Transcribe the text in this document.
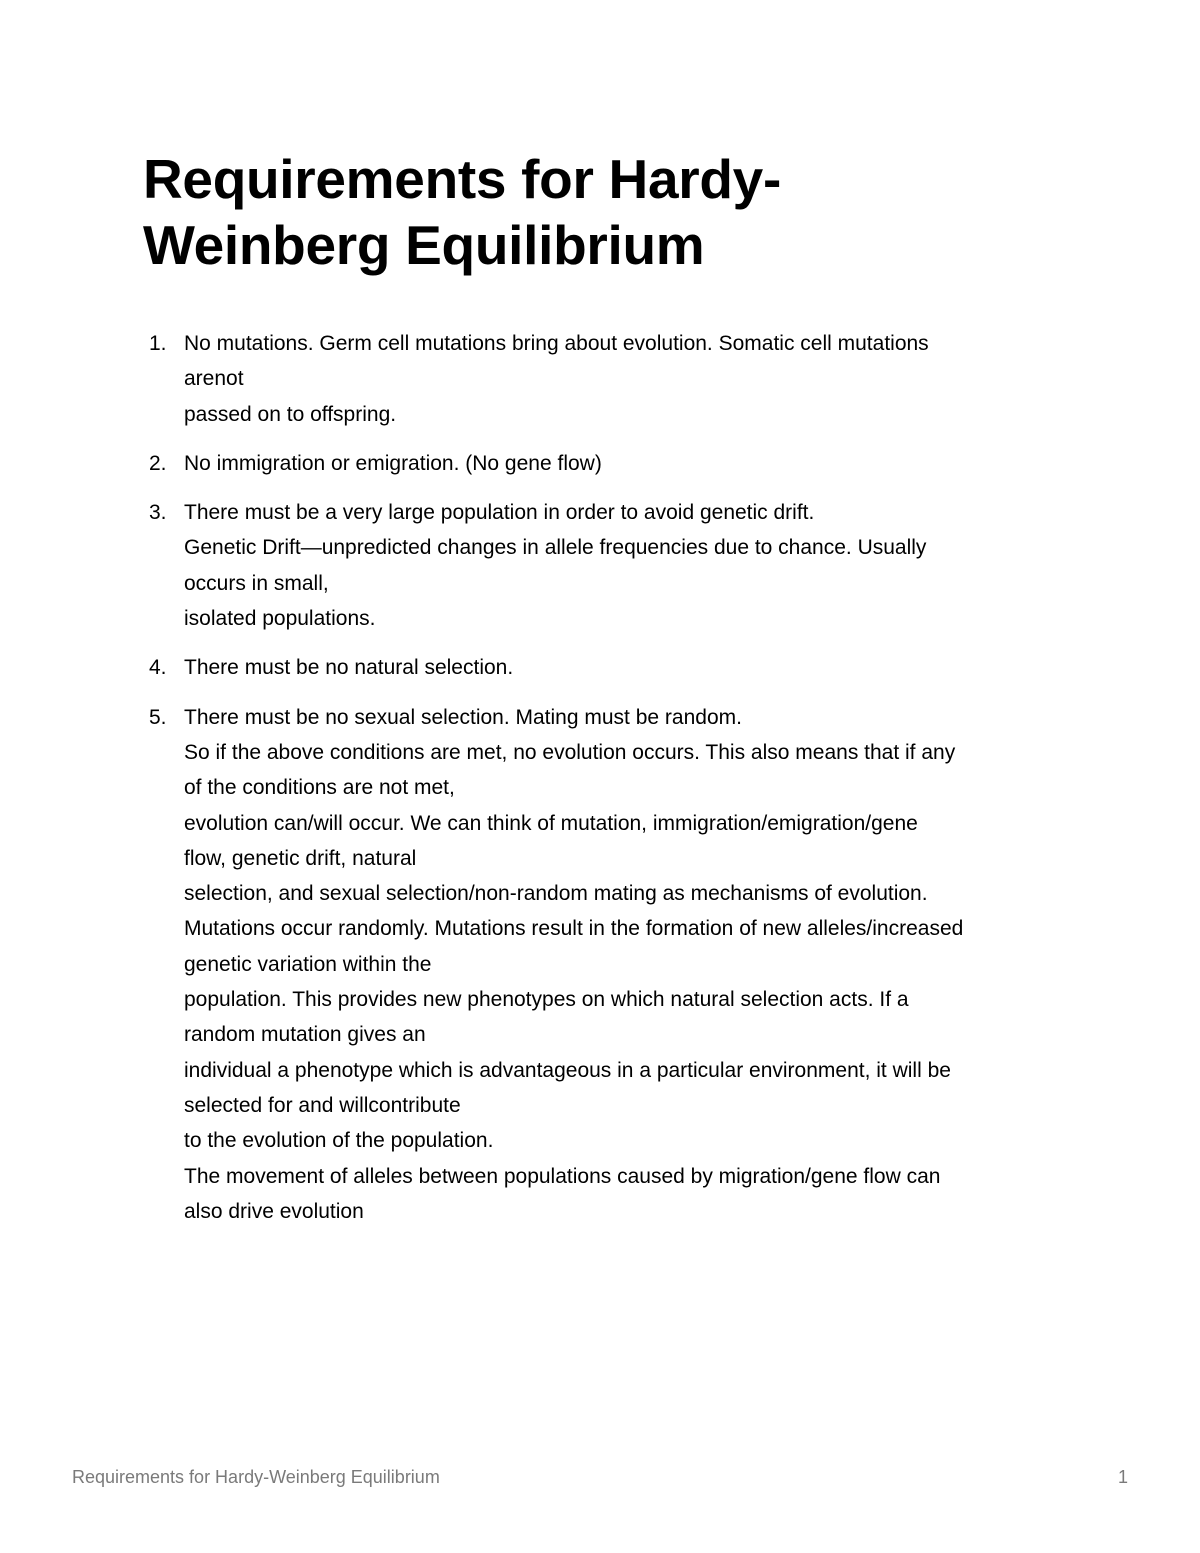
Requirements for Hardy-
Weinberg Equilibrium
1. No mutations. Germ cell mutations bring about evolution. Somatic cell mutations
arenot
passed on to offspring.
2. No immigration or emigration. (No gene flow)
3. There must be a very large population in order to avoid genetic drift.
Genetic Drift—unpredicted changes in allele frequencies due to chance. Usually
occurs in small,
isolated populations.
4. There must be no natural selection.
5. There must be no sexual selection. Mating must be random.
So if the above conditions are met, no evolution occurs. This also means that if any
of the conditions are not met,
evolution can/will occur. We can think of mutation, immigration/emigration/gene
flow, genetic drift, natural
selection, and sexual selection/non-random mating as mechanisms of evolution.
Mutations occur randomly. Mutations result in the formation of new alleles/increased
genetic variation within the
population. This provides new phenotypes on which natural selection acts. If a
random mutation gives an
individual a phenotype which is advantageous in a particular environment, it will be
selected for and willcontribute
to the evolution of the population.
The movement of alleles between populations caused by migration/gene flow can
also drive evolution
Requirements for Hardy-Weinberg Equilibrium	1
